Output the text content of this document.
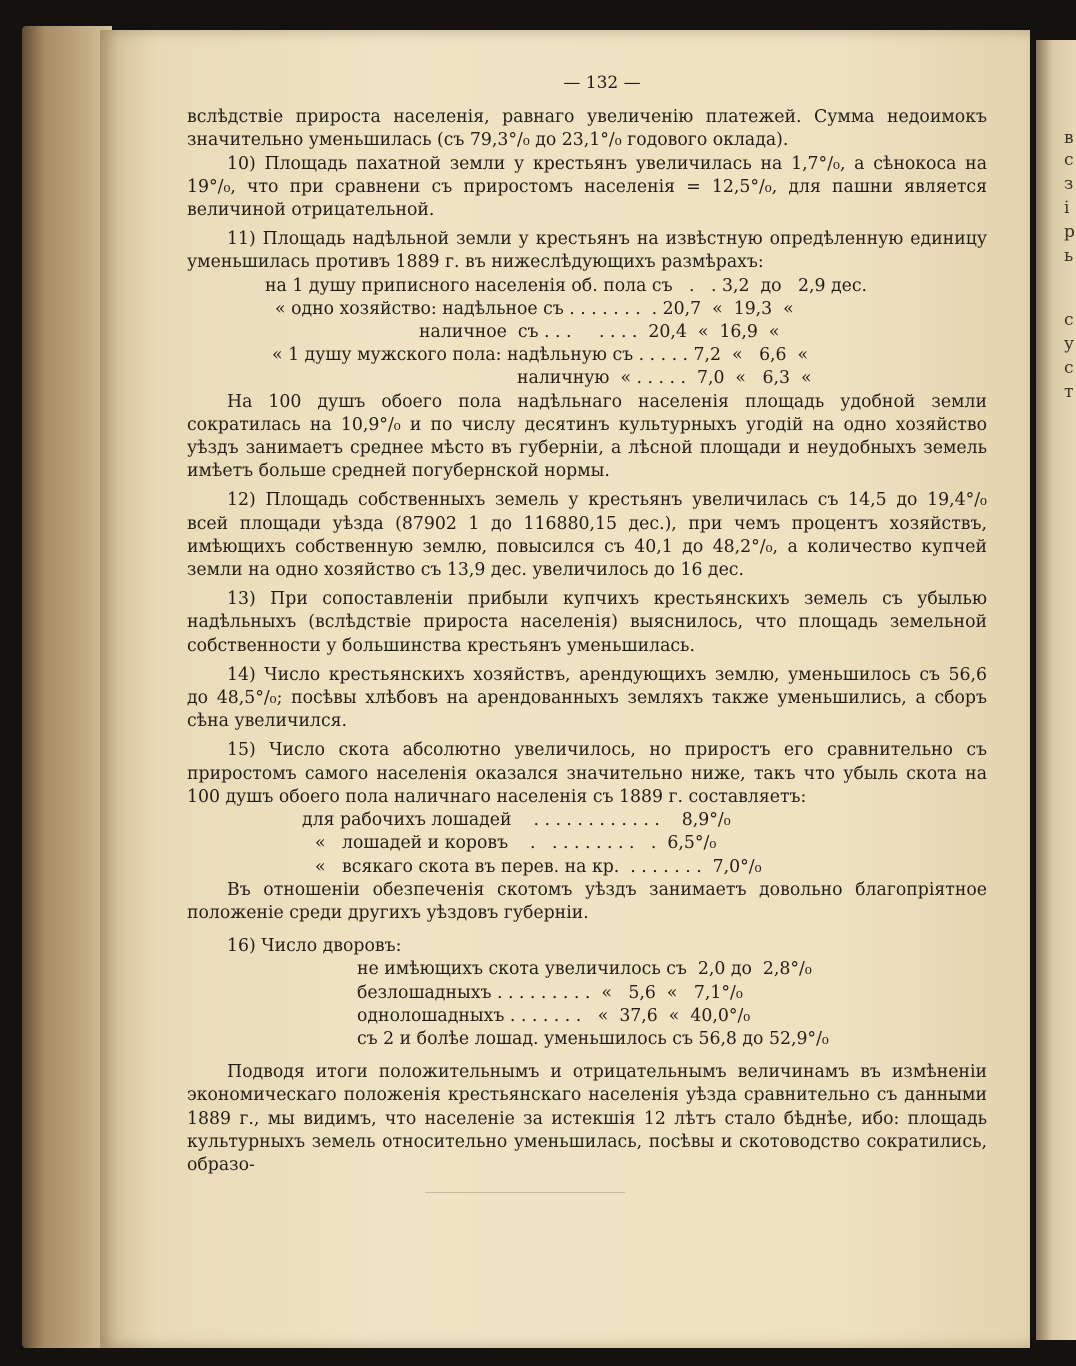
в
с
з
і
р
ь
с
у
с
т
— 132 —

вслѣдствіе прироста населенія, равнаго увеличенію платежей. Сумма недоимокъ значительно уменьшилась (съ 79,3°/₀ до 23,1°/₀ годового оклада).

10) Площадь пахатной земли у крестьянъ увеличилась на 1,7°/₀, а сѣнокоса на 19°/₀, что при сравнени съ приростомъ населенія = 12,5°/₀, для пашни является величиной отрицательной.

11) Площадь надѣльной земли у крестьянъ на извѣстную опредѣленную единицу уменьшилась противъ 1889 г. въ нижеслѣдующихъ размѣрахъ:

на 1 душу приписного населенія об. пола съ   .   . 3,2  до   2,9 дес.
« одно хозяйство: надѣльное съ . . . . . . .  . 20,7  «  19,3  «
наличное  съ . . .     . . . .  20,4  «  16,9  «
« 1 душу мужского пола: надѣльную съ . . . . . 7,2  «   6,6  «
наличную  « . . . . .  7,0  «   6,3  «

На 100 душъ обоего пола надѣльнаго населенія площадь удобной земли сократилась на 10,9°/₀ и по числу десятинъ культурныхъ угодій на одно хозяйство уѣздъ занимаетъ среднее мѣсто въ губерніи, а лѣсной площади и неудобныхъ земель имѣетъ больше средней погубернской нормы.

12) Площадь собственныхъ земель у крестьянъ увеличилась съ 14,5 до 19,4°/₀ всей площади уѣзда (87902 1 до 116880,15 дес.), при чемъ процентъ хозяйствъ, имѣющихъ собственную землю, повысился съ 40,1 до 48,2°/₀, а количество купчей земли на одно хозяйство съ 13,9 дес. увеличилось до 16 дес.

13) При сопоставленіи прибыли купчихъ крестьянскихъ земель съ убылью надѣльныхъ (вслѣдствіе прироста населенія) выяснилось, что площадь земельной собственности у большинства крестьянъ уменьшилась.

14) Число крестьянскихъ хозяйствъ, арендующихъ землю, уменьшилось съ 56,6 до 48,5°/₀; посѣвы хлѣбовъ на арендованныхъ земляхъ также уменьшились, а сборъ сѣна увеличился.

15) Число скота абсолютно увеличилось, но приростъ его сравнительно съ приростомъ самого населенія оказался значительно ниже, такъ что убыль скота на 100 душъ обоего пола наличнаго населенія съ 1889 г. составляетъ:

для рабочихъ лошадей    . . . . . . . . . . . .    8,9°/₀
«   лошадей и коровъ    .   . . . . . . . .   .  6,5°/₀
«   всякаго скота въ перев. на кр.  . . . . . . .  7,0°/₀

Въ отношеніи обезпеченія скотомъ уѣздъ занимаетъ довольно благопріятное положеніе среди другихъ уѣздовъ губерніи.

16) Число дворовъ:

не имѣющихъ скота увеличилось съ  2,0 до  2,8°/₀
безлошадныхъ . . . . . . . . .  «   5,6  «   7,1°/₀
однолошадныхъ . . . . . . .   «  37,6  «  40,0°/₀
съ 2 и болѣе лошад. уменьшилось съ 56,8 до 52,9°/₀

Подводя итоги положительнымъ и отрицательнымъ величинамъ въ измѣненіи экономическаго положенія крестьянскаго населенія уѣзда сравнительно съ данными 1889 г., мы видимъ, что населеніе за истекшія 12 лѣтъ стало бѣднѣе, ибо: площадь культурныхъ земель относительно уменьшилась, посѣвы и скотоводство сократились, образо-
